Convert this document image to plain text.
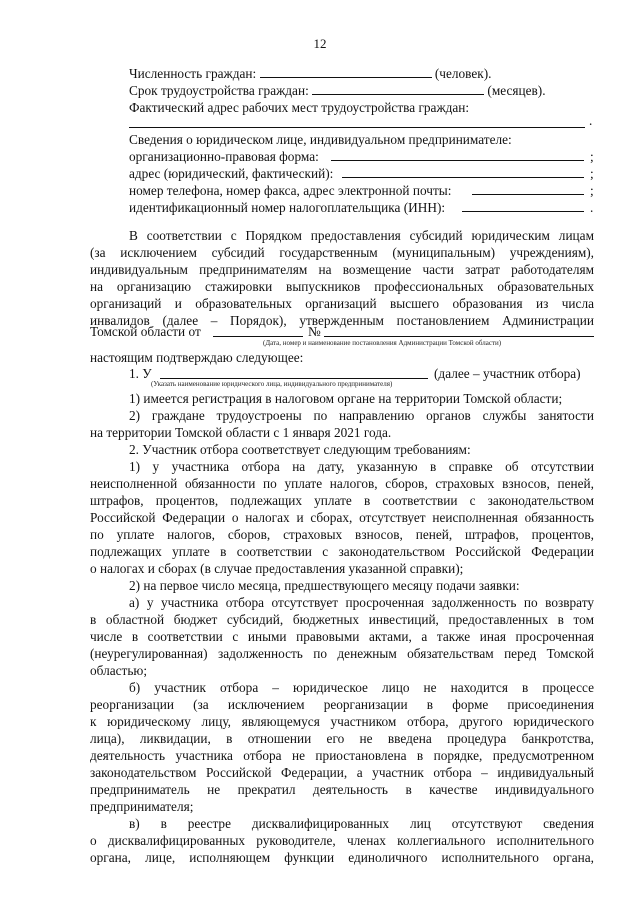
12
Численность граждан:	(человек).
Срок трудоустройства граждан:	(месяцев).
Фактический адрес рабочих мест трудоустройства граждан:
.
Сведения о юридическом лице, индивидуальном предпринимателе:
организационно-правовая форма:	;
адрес (юридический, фактический):	;
номер телефона, номер факса, адрес электронной почты:	;
идентификационный номер налогоплательщика (ИНН):	.
В соответствии с Порядком предоставления субсидий юридическим лицам
(за исключением субсидий государственным (муниципальным) учреждениям),
индивидуальным предпринимателям на возмещение части затрат работодателям
на организацию стажировки выпускников профессиональных образовательных
организаций и образовательных организаций высшего образования из числа
инвалидов (далее – Порядок), утвержденным постановлением Администрации
Томской области от	№
(Дата, номер и наименование постановления Администрации Томской области)
настоящим подтверждаю следующее:
1. У	(далее – участник отбора)
(Указать наименование юридического лица, индивидуального предпринимателя)
1) имеется регистрация в налоговом органе на территории Томской области;
2) граждане трудоустроены по направлению органов службы занятости
на территории Томской области с 1 января 2021 года.
2. Участник отбора соответствует следующим требованиям:
1) у участника отбора на дату, указанную в справке об отсутствии
неисполненной обязанности по уплате налогов, сборов, страховых взносов, пеней,
штрафов, процентов, подлежащих уплате в соответствии с законодательством
Российской Федерации о налогах и сборах, отсутствует неисполненная обязанность
по уплате налогов, сборов, страховых взносов, пеней, штрафов, процентов,
подлежащих уплате в соответствии с законодательством Российской Федерации
о налогах и сборах (в случае предоставления указанной справки);
2) на первое число месяца, предшествующего месяцу подачи заявки:
а) у участника отбора отсутствует просроченная задолженность по возврату
в областной бюджет субсидий, бюджетных инвестиций, предоставленных в том
числе в соответствии с иными правовыми актами, а также иная просроченная
(неурегулированная) задолженность по денежным обязательствам перед Томской
областью;
б) участник отбора – юридическое лицо не находится в процессе
реорганизации (за исключением реорганизации в форме присоединения
к юридическому лицу, являющемуся участником отбора, другого юридического
лица), ликвидации, в отношении его не введена процедура банкротства,
деятельность участника отбора не приостановлена в порядке, предусмотренном
законодательством Российской Федерации, а участник отбора – индивидуальный
предприниматель не прекратил деятельность в качестве индивидуального
предпринимателя;
в) в реестре дисквалифицированных лиц отсутствуют сведения
о дисквалифицированных руководителе, членах коллегиального исполнительного
органа, лице, исполняющем функции единоличного исполнительного органа,
